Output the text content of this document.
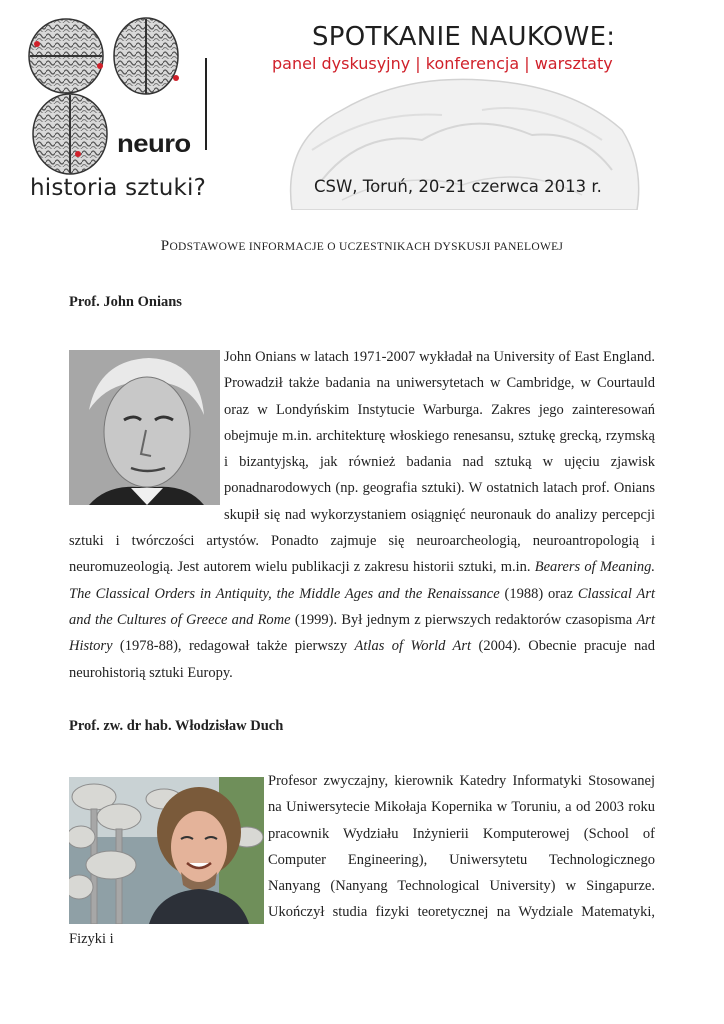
neuro
historia sztuki?
SPOTKANIE NAUKOWE:
panel dyskusyjny | konferencja | warsztaty
CSW, Toruń, 20-21 czerwca 2013 r.
PODSTAWOWE INFORMACJE O UCZESTNIKACH DYSKUSJI PANELOWEJ
Prof. John Onians

John Onians w latach 1971-2007 wykładał na University of East England. Prowadził także badania na uniwersytetach w Cambridge, w Courtauld oraz w Londyńskim Instytucie Warburga. Zakres jego zainteresowań obejmuje m.in. architekturę włoskiego renesansu, sztukę grecką, rzymską i bizantyjską, jak również badania nad sztuką w ujęciu zjawisk ponadnarodowych (np. geografia sztuki). W ostatnich latach prof. Onians skupił się nad wykorzystaniem osiągnięć neuronauk do analizy percepcji sztuki i twórczości artystów. Ponadto zajmuje się neuroarcheologią, neuroantropologią i neuromuzeologią. Jest autorem wielu publikacji z zakresu historii sztuki, m.in. Bearers of Meaning. The Classical Orders in Antiquity, the Middle Ages and the Renaissance (1988) oraz Classical Art and the Cultures of Greece and Rome (1999). Był jednym z pierwszych redaktorów czasopisma Art History (1978-88), redagował także pierwszy Atlas of World Art (2004). Obecnie pracuje nad neurohistorią sztuki Europy.

Prof. zw. dr hab. Włodzisław Duch

Profesor zwyczajny, kierownik Katedry Informatyki Stosowanej na Uniwersytecie Mikołaja Kopernika w Toruniu, a od 2003 roku pracownik Wydziału Inżynierii Komputerowej (School of Computer Engineering), Uniwersytetu Technologicznego Nanyang (Nanyang Technological University) w Singapurze. Ukończył studia fizyki teoretycznej na Wydziale Matematyki, Fizyki i
